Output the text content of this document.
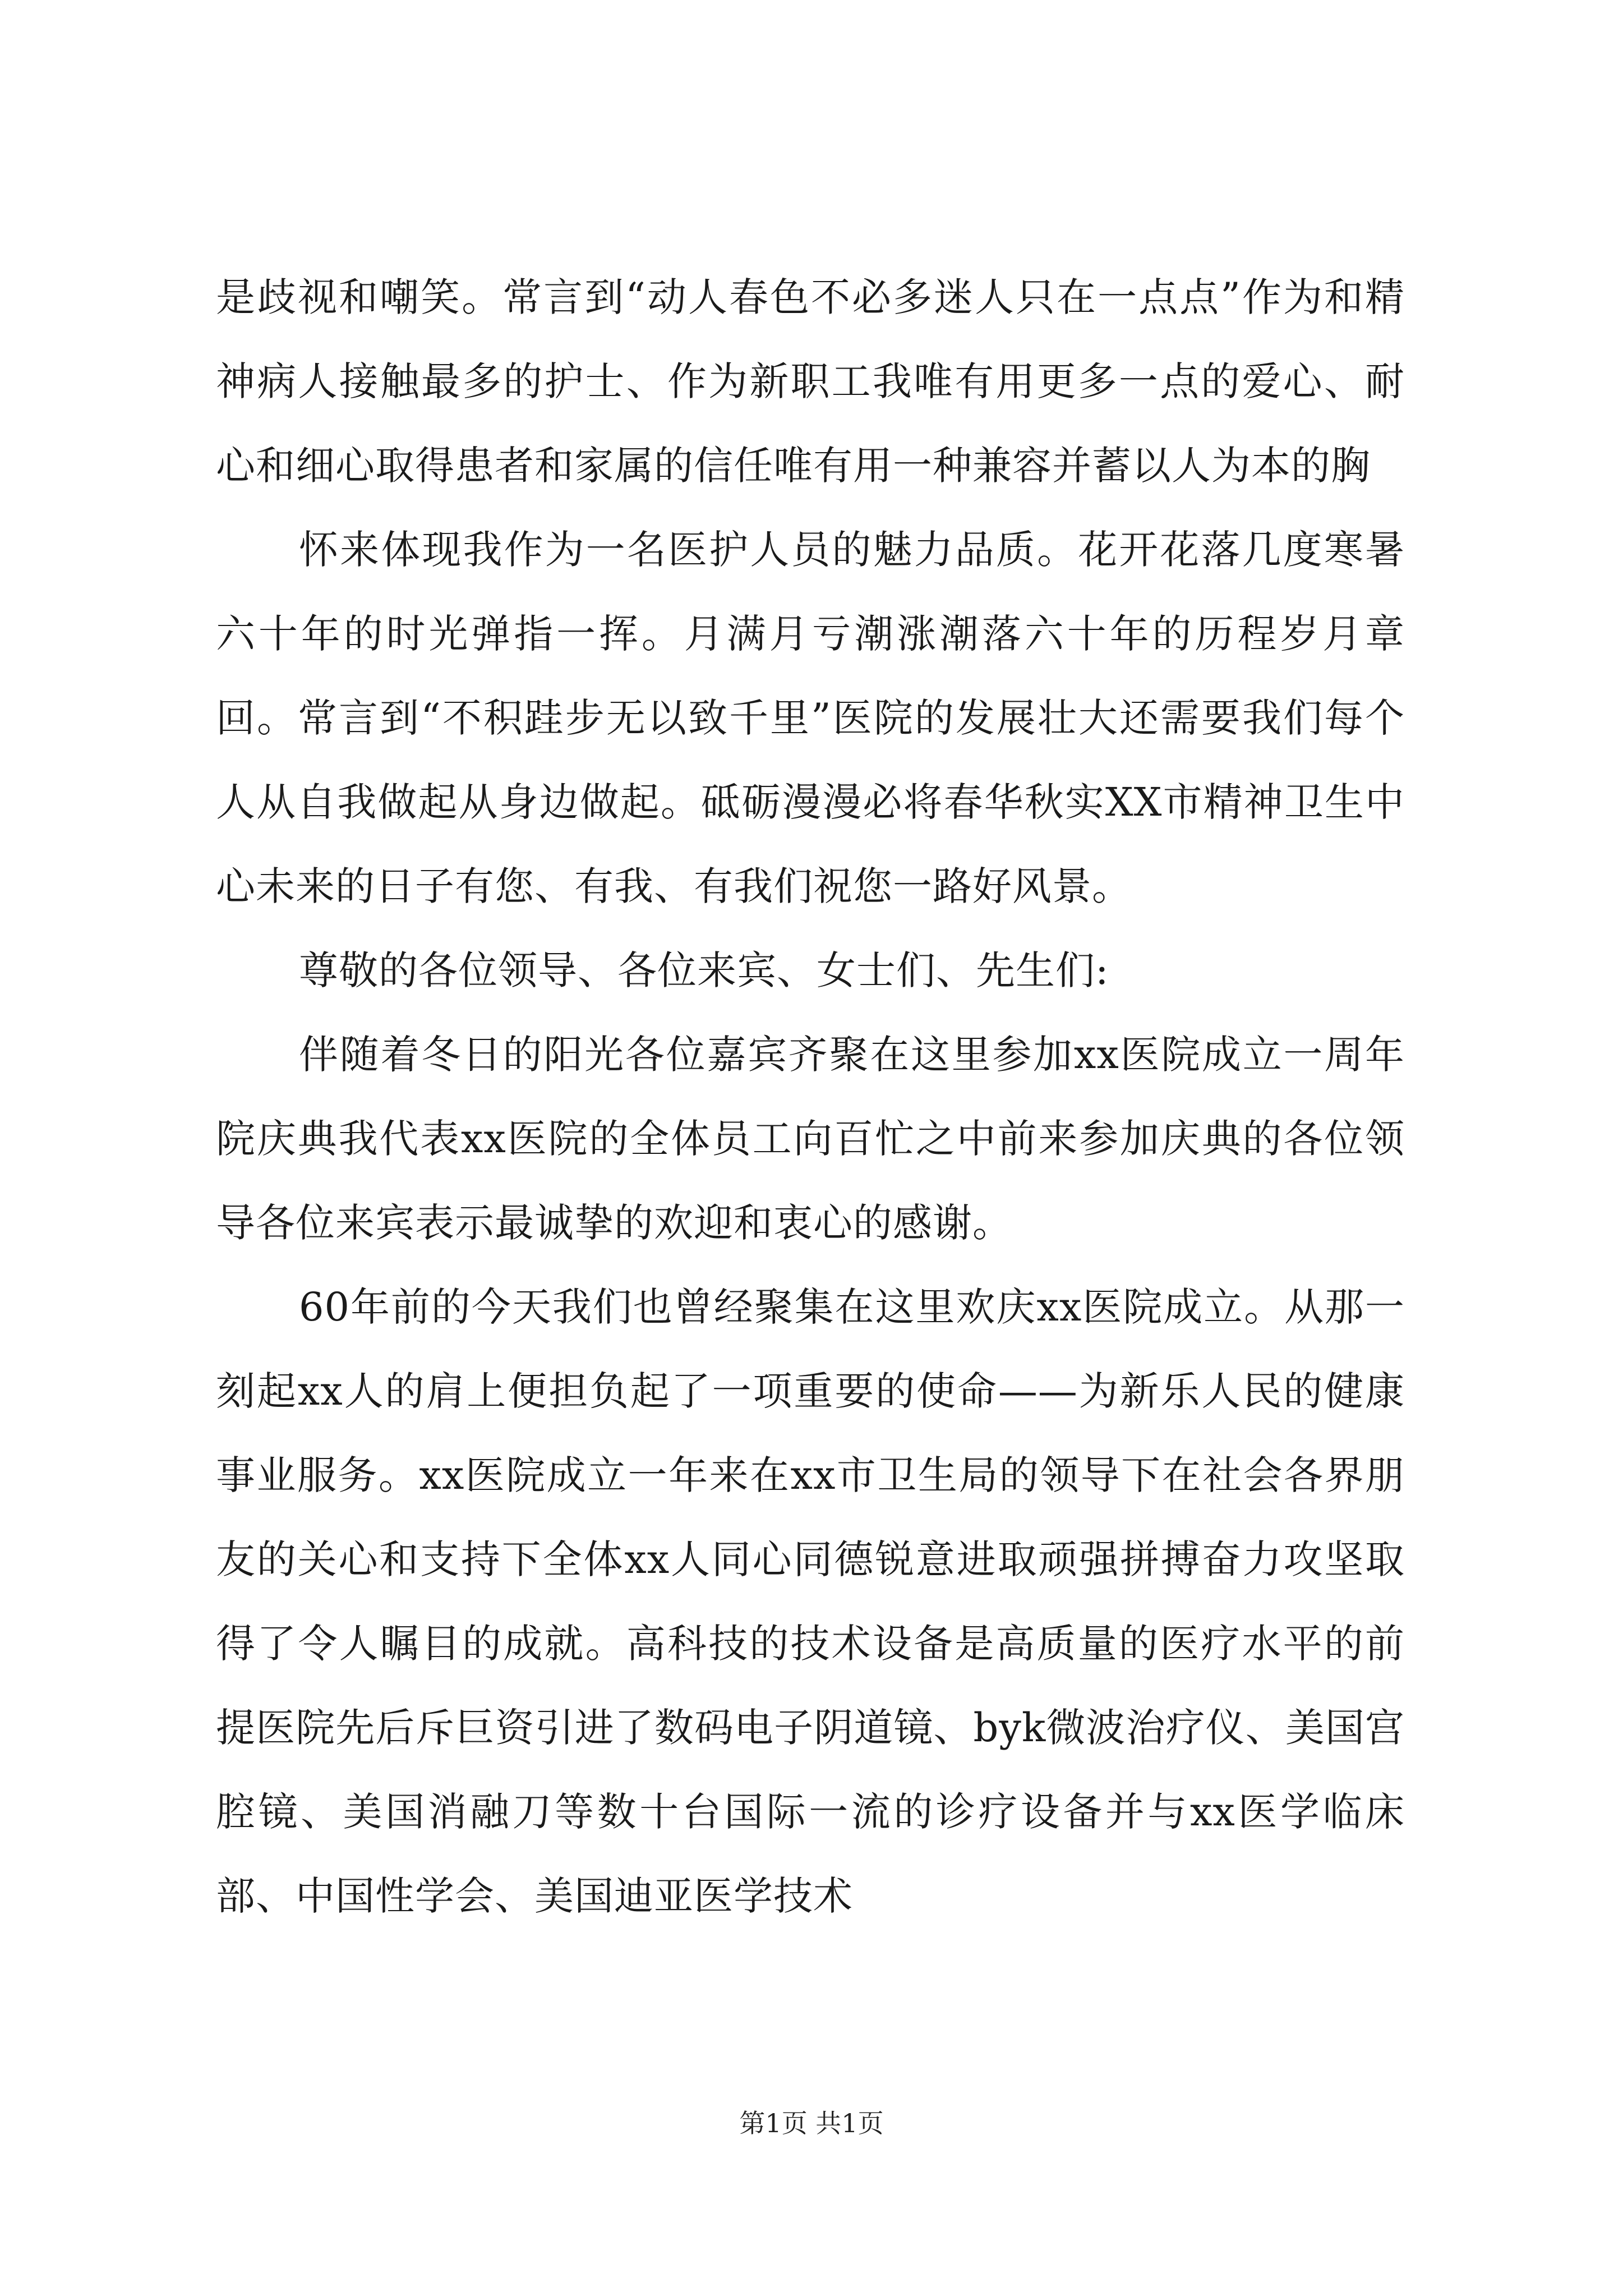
是歧视和嘲笑。常言到“动人春色不必多迷人只在一点点”作为和精神病人接触最多的护士、作为新职工我唯有用更多一点的爱心、耐心和细心取得患者和家属的信任唯有用一种兼容并蓄以人为本的胸

怀来体现我作为一名医护人员的魅力品质。花开花落几度寒暑六十年的时光弹指一挥。月满月亏潮涨潮落六十年的历程岁月章回。常言到“不积跬步无以致千里”医院的发展壮大还需要我们每个人从自我做起从身边做起。砥砺漫漫必将春华秋实XX市精神卫生中心未来的日子有您、有我、有我们祝您一路好风景。

尊敬的各位领导、各位来宾、女士们、先生们:

伴随着冬日的阳光各位嘉宾齐聚在这里参加xx医院成立一周年院庆典我代表xx医院的全体员工向百忙之中前来参加庆典的各位领导各位来宾表示最诚挚的欢迎和衷心的感谢。

60年前的今天我们也曾经聚集在这里欢庆xx医院成立。从那一刻起xx人的肩上便担负起了一项重要的使命——为新乐人民的健康事业服务。xx医院成立一年来在xx市卫生局的领导下在社会各界朋友的关心和支持下全体xx人同心同德锐意进取顽强拼搏奋力攻坚取得了令人瞩目的成就。高科技的技术设备是高质量的医疗水平的前提医院先后斥巨资引进了数码电子阴道镜、byk微波治疗仪、美国宫腔镜、美国消融刀等数十台国际一流的诊疗设备并与xx医学临床部、中国性学会、美国迪亚医学技术

第1页 共1页
